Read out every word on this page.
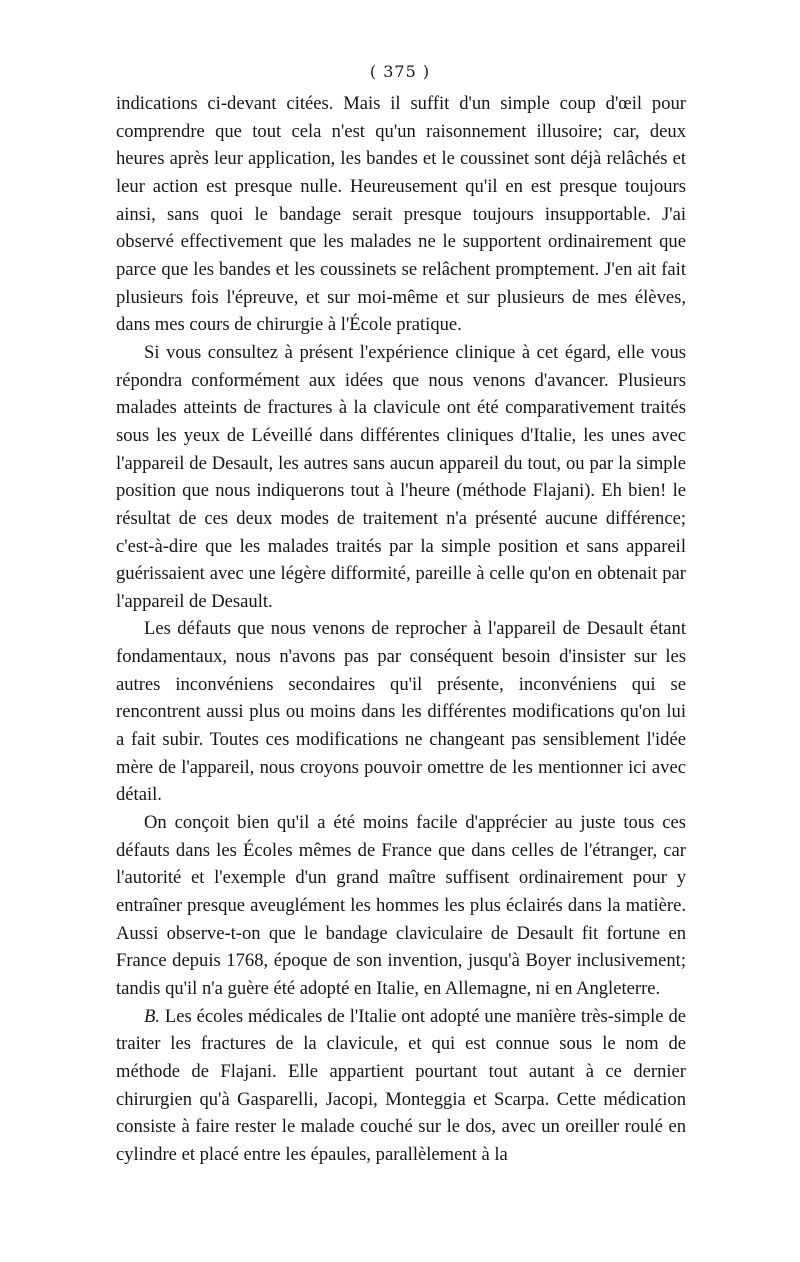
( 375 )

indications ci-devant citées. Mais il suffit d'un simple coup d'œil pour comprendre que tout cela n'est qu'un raisonnement illusoire; car, deux heures après leur application, les bandes et le coussinet sont déjà relâchés et leur action est presque nulle. Heureusement qu'il en est presque toujours ainsi, sans quoi le bandage serait presque toujours insupportable. J'ai observé effectivement que les malades ne le supportent ordinairement que parce que les bandes et les coussinets se relâchent promptement. J'en ait fait plusieurs fois l'épreuve, et sur moi-même et sur plusieurs de mes élèves, dans mes cours de chirurgie à l'École pratique.

Si vous consultez à présent l'expérience clinique à cet égard, elle vous répondra conformément aux idées que nous venons d'avancer. Plusieurs malades atteints de fractures à la clavicule ont été comparativement traités sous les yeux de Léveillé dans différentes cliniques d'Italie, les unes avec l'appareil de Desault, les autres sans aucun appareil du tout, ou par la simple position que nous indiquerons tout à l'heure (méthode Flajani). Eh bien! le résultat de ces deux modes de traitement n'a présenté aucune différence; c'est-à-dire que les malades traités par la simple position et sans appareil guérissaient avec une légère difformité, pareille à celle qu'on en obtenait par l'appareil de Desault.

Les défauts que nous venons de reprocher à l'appareil de Desault étant fondamentaux, nous n'avons pas par conséquent besoin d'insister sur les autres inconvéniens secondaires qu'il présente, inconvéniens qui se rencontrent aussi plus ou moins dans les différentes modifications qu'on lui a fait subir. Toutes ces modifications ne changeant pas sensiblement l'idée mère de l'appareil, nous croyons pouvoir omettre de les mentionner ici avec détail.

On conçoit bien qu'il a été moins facile d'apprécier au juste tous ces défauts dans les Écoles mêmes de France que dans celles de l'étranger, car l'autorité et l'exemple d'un grand maître suffisent ordinairement pour y entraîner presque aveuglément les hommes les plus éclairés dans la matière. Aussi observe-t-on que le bandage claviculaire de Desault fit fortune en France depuis 1768, époque de son invention, jusqu'à Boyer inclusivement; tandis qu'il n'a guère été adopté en Italie, en Allemagne, ni en Angleterre.

B. Les écoles médicales de l'Italie ont adopté une manière très-simple de traiter les fractures de la clavicule, et qui est connue sous le nom de méthode de Flajani. Elle appartient pourtant tout autant à ce dernier chirurgien qu'à Gasparelli, Jacopi, Monteggia et Scarpa. Cette médication consiste à faire rester le malade couché sur le dos, avec un oreiller roulé en cylindre et placé entre les épaules, parallèlement à la
